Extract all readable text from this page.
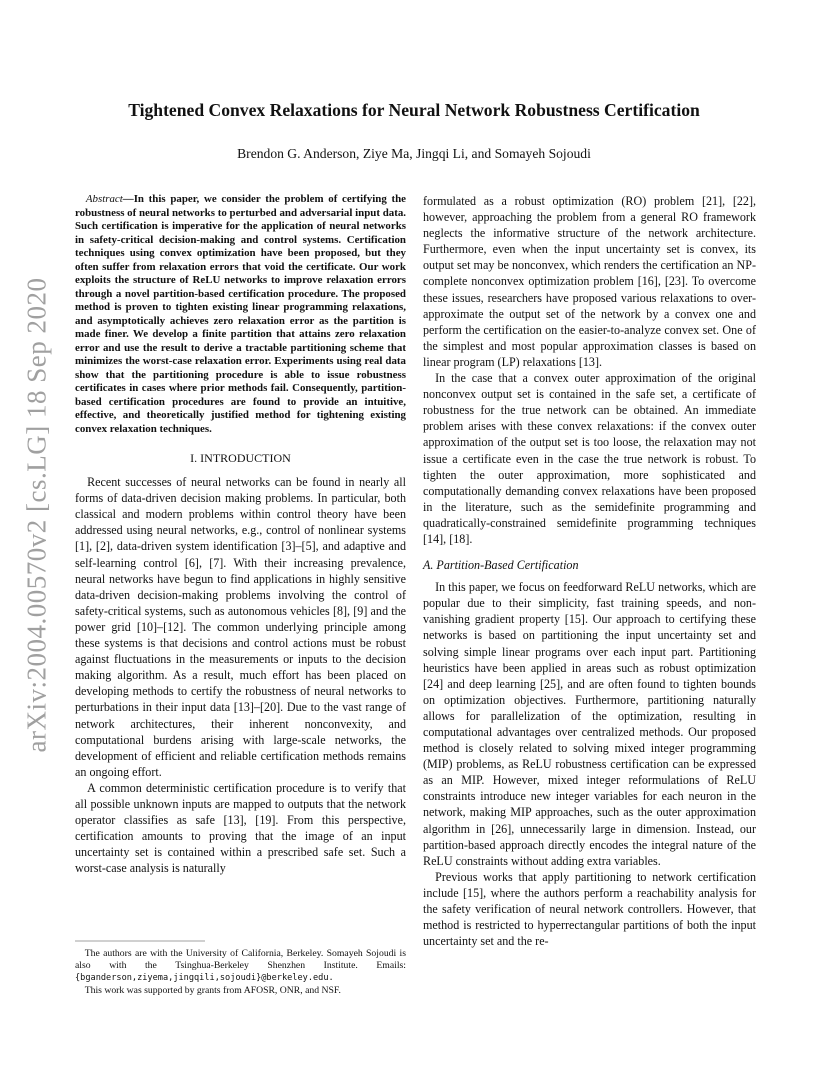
Tightened Convex Relaxations for Neural Network Robustness Certification
Brendon G. Anderson, Ziye Ma, Jingqi Li, and Somayeh Sojoudi
arXiv:2004.00570v2 [cs.LG] 18 Sep 2020
Abstract—In this paper, we consider the problem of certifying the robustness of neural networks to perturbed and adversarial input data. Such certification is imperative for the application of neural networks in safety-critical decision-making and control systems. Certification techniques using convex optimization have been proposed, but they often suffer from relaxation errors that void the certificate. Our work exploits the structure of ReLU networks to improve relaxation errors through a novel partition-based certification procedure. The proposed method is proven to tighten existing linear programming relaxations, and asymptotically achieves zero relaxation error as the partition is made finer. We develop a finite partition that attains zero relaxation error and use the result to derive a tractable partitioning scheme that minimizes the worst-case relaxation error. Experiments using real data show that the partitioning procedure is able to issue robustness certificates in cases where prior methods fail. Consequently, partition-based certification procedures are found to provide an intuitive, effective, and theoretically justified method for tightening existing convex relaxation techniques.
I. INTRODUCTION

Recent successes of neural networks can be found in nearly all forms of data-driven decision making problems. In particular, both classical and modern problems within control theory have been addressed using neural networks, e.g., control of nonlinear systems [1], [2], data-driven system identification [3]–[5], and adaptive and self-learning control [6], [7]. With their increasing prevalence, neural networks have begun to find applications in highly sensitive data-driven decision-making problems involving the control of safety-critical systems, such as autonomous vehicles [8], [9] and the power grid [10]–[12]. The common underlying principle among these systems is that decisions and control actions must be robust against fluctuations in the measurements or inputs to the decision making algorithm. As a result, much effort has been placed on developing methods to certify the robustness of neural networks to perturbations in their input data [13]–[20]. Due to the vast range of network architectures, their inherent nonconvexity, and computational burdens arising with large-scale networks, the development of efficient and reliable certification methods remains an ongoing effort.

A common deterministic certification procedure is to verify that all possible unknown inputs are mapped to outputs that the network operator classifies as safe [13], [19]. From this perspective, certification amounts to proving that the image of an input uncertainty set is contained within a prescribed safe set. Such a worst-case analysis is naturally

formulated as a robust optimization (RO) problem [21], [22], however, approaching the problem from a general RO framework neglects the informative structure of the network architecture. Furthermore, even when the input uncertainty set is convex, its output set may be nonconvex, which renders the certification an NP-complete nonconvex optimization problem [16], [23]. To overcome these issues, researchers have proposed various relaxations to over-approximate the output set of the network by a convex one and perform the certification on the easier-to-analyze convex set. One of the simplest and most popular approximation classes is based on linear program (LP) relaxations [13].

In the case that a convex outer approximation of the original nonconvex output set is contained in the safe set, a certificate of robustness for the true network can be obtained. An immediate problem arises with these convex relaxations: if the convex outer approximation of the output set is too loose, the relaxation may not issue a certificate even in the case the true network is robust. To tighten the outer approximation, more sophisticated and computationally demanding convex relaxations have been proposed in the literature, such as the semidefinite programming and quadratically-constrained semidefinite programming techniques [14], [18].

A. Partition-Based Certification

In this paper, we focus on feedforward ReLU networks, which are popular due to their simplicity, fast training speeds, and non-vanishing gradient property [15]. Our approach to certifying these networks is based on partitioning the input uncertainty set and solving simple linear programs over each input part. Partitioning heuristics have been applied in areas such as robust optimization [24] and deep learning [25], and are often found to tighten bounds on optimization objectives. Furthermore, partitioning naturally allows for parallelization of the optimization, resulting in computational advantages over centralized methods. Our proposed method is closely related to solving mixed integer programming (MIP) problems, as ReLU robustness certification can be expressed as an MIP. However, mixed integer reformulations of ReLU constraints introduce new integer variables for each neuron in the network, making MIP approaches, such as the outer approximation algorithm in [26], unnecessarily large in dimension. Instead, our partition-based approach directly encodes the integral nature of the ReLU constraints without adding extra variables.

Previous works that apply partitioning to network certification include [15], where the authors perform a reachability analysis for the safety verification of neural network controllers. However, that method is restricted to hyperrectangular partitions of both the input uncertainty set and the re-

The authors are with the University of California, Berkeley. Somayeh Sojoudi is also with the Tsinghua-Berkeley Shenzhen Institute. Emails: {bganderson,ziyema,jingqili,sojoudi}@berkeley.edu.

This work was supported by grants from AFOSR, ONR, and NSF.
